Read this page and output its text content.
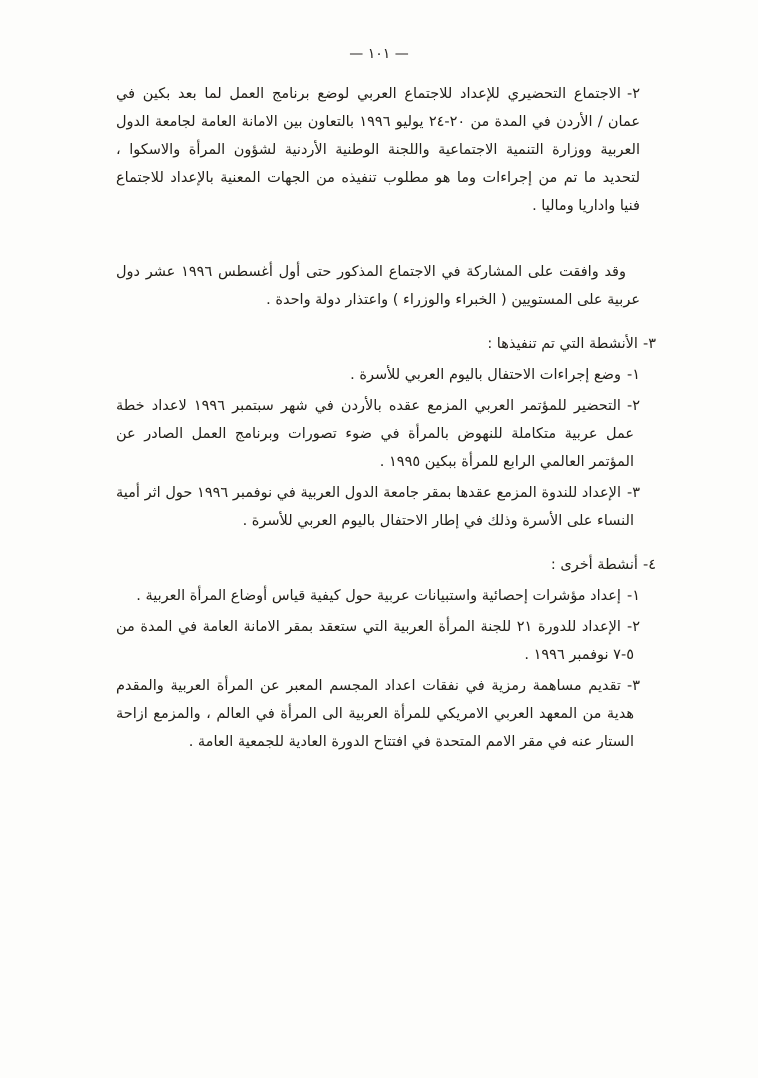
— ١٠١ —

٢-الاجتماع التحضيري للإعداد للاجتماع العربي لوضع برنامج العمل لما بعد بكين في عمان / الأردن في المدة من ٢٠-٢٤ يوليو ١٩٩٦ بالتعاون بين الامانة العامة لجامعة الدول العربية ووزارة التنمية الاجتماعية واللجنة الوطنية الأردنية لشؤون المرأة والاسكوا ، لتحديد ما تم من إجراءات وما هو مطلوب تنفيذه من الجهات المعنية بالإعداد للاجتماع فنيا واداريا وماليا .

وقد وافقت على المشاركة في الاجتماع المذكور حتى أول أغسطس ١٩٩٦ عشر دول عربية على المستويين ( الخبراء والوزراء ) واعتذار دولة واحدة .

٣-الأنشطة التي تم تنفيذها :

١-وضع إجراءات الاحتفال باليوم العربي للأسرة .

٢-التحضير للمؤتمر العربي المزمع عقده بالأردن في شهر سبتمبر ١٩٩٦ لاعداد خطة عمل عربية متكاملة للنهوض بالمرأة في ضوء تصورات وبرنامج العمل الصادر عن المؤتمر العالمي الرابع للمرأة ببكين ١٩٩٥ .

٣-الإعداد للندوة المزمع عقدها بمقر جامعة الدول العربية في نوفمبر ١٩٩٦ حول اثر أمية النساء على الأسرة وذلك في إطار الاحتفال باليوم العربي للأسرة .

٤-أنشطة أخرى :

١-إعداد مؤشرات إحصائية واستبيانات عربية حول كيفية قياس أوضاع المرأة العربية .

٢-الإعداد للدورة ٢١ للجنة المرأة العربية التي ستعقد بمقر الامانة العامة في المدة من ٥-٧ نوفمبر ١٩٩٦ .

٣-تقديم مساهمة رمزية في نفقات اعداد المجسم المعبر عن المرأة العربية والمقدم هدية من المعهد العربي الامريكي للمرأة العربية الى المرأة في العالم ، والمزمع ازاحة الستار عنه في مقر الامم المتحدة في افتتاح الدورة العادية للجمعية العامة .
